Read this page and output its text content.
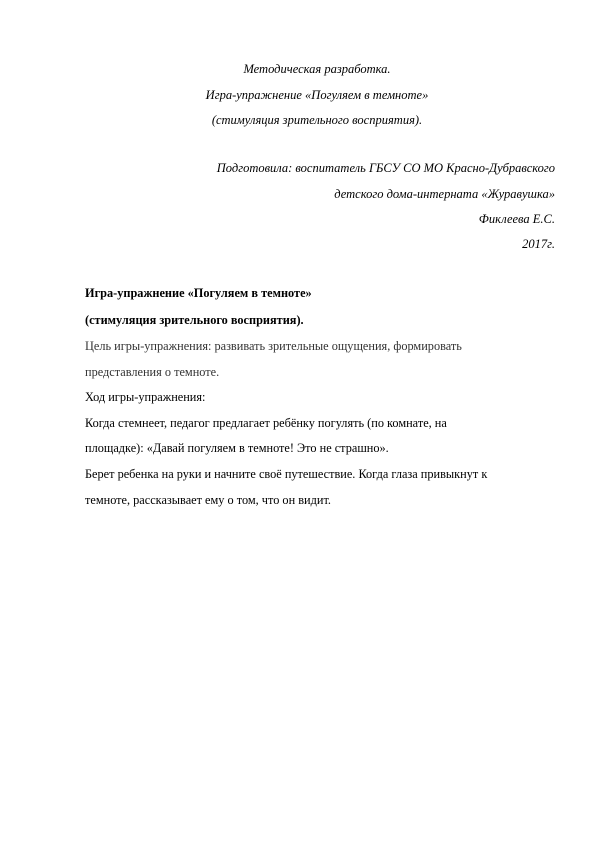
Методическая разработка.
Игра-упражнение «Погуляем в темноте»
(стимуляция зрительного восприятия).
Подготовила: воспитатель ГБСУ СО МО Красно-Дубравского
детского дома-интерната «Журавушка»
Фиклеева Е.С.
2017г.
Игра-упражнение «Погуляем в темноте»
(стимуляция зрительного восприятия).
Цель игры-упражнения: развивать зрительные ощущения, формировать
представления о темноте.
Ход игры-упражнения:
Когда стемнеет, педагог предлагает ребёнку погулять (по комнате, на
площадке): «Давай погуляем в темноте! Это не страшно».
Берет ребенка на руки и начните своё путешествие. Когда глаза привыкнут к
темноте, рассказывает ему о том, что он видит.
